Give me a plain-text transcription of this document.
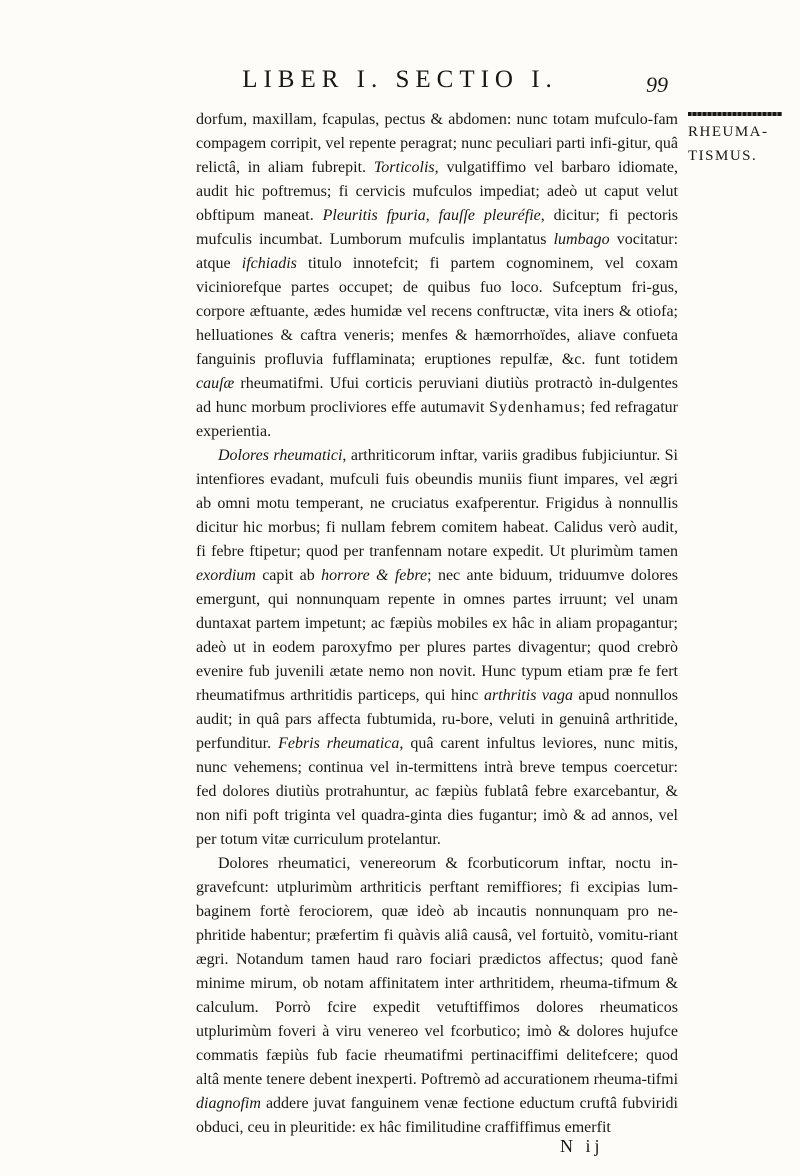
LIBER I. SECTIO I.	99
RHEUMA-
TISMUS.

dorfum, maxillam, fcapulas, pectus & abdomen: nunc totam mufculo-fam compagem corripit, vel repente peragrat; nunc peculiari parti infi-gitur, quâ relictâ, in aliam fubrepit. Torticolis, vulgatiffimo vel barbaro idiomate, audit hic poftremus; fi cervicis mufculos impediat; adeò ut caput velut obftipum maneat. Pleuritis fpuria, fauſſe pleuréfie, dicitur; fi pectoris mufculis incumbat. Lumborum mufculis implantatus lumbago vocitatur: atque ifchiadis titulo innotefcit; fi partem cognominem, vel coxam viciniorefque partes occupet; de quibus fuo loco. Sufceptum fri-gus, corpore æftuante, ædes humidæ vel recens conftructæ, vita iners & otiofa; helluationes & caftra veneris; menfes & hæmorrhoïdes, aliave confueta fanguinis profluvia fufflaminata; eruptiones repulfæ, &c. funt totidem cauſæ rheumatifmi. Ufui corticis peruviani diutiùs protractò in-dulgentes ad hunc morbum procliviores effe autumavit Sydenhamus; fed refragatur experientia.

Dolores rheumatici, arthriticorum inftar, variis gradibus fubjiciuntur. Si intenfiores evadant, mufculi fuis obeundis muniis fiunt impares, vel ægri ab omni motu temperant, ne cruciatus exafperentur. Frigidus à nonnullis dicitur hic morbus; fi nullam febrem comitem habeat. Calidus verò audit, fi febre ftipetur; quod per tranfennam notare expedit. Ut plurimùm tamen exordium capit ab horrore & febre; nec ante biduum, triduumve dolores emergunt, qui nonnunquam repente in omnes partes irruunt; vel unam duntaxat partem impetunt; ac fæpiùs mobiles ex hâc in aliam propagantur; adeò ut in eodem paroxyfmo per plures partes divagentur; quod crebrò evenire fub juvenili ætate nemo non novit. Hunc typum etiam præ fe fert rheumatifmus arthritidis particeps, qui hinc arthritis vaga apud nonnullos audit; in quâ pars affecta fubtumida, ru-bore, veluti in genuinâ arthritide, perfunditur. Febris rheumatica, quâ carent infultus leviores, nunc mitis, nunc vehemens; continua vel in-termittens intrà breve tempus coercetur: fed dolores diutiùs protrahuntur, ac fæpiùs fublatâ febre exarcebantur, & non nifi poft triginta vel quadra-ginta dies fugantur; imò & ad annos, vel per totum vitæ curriculum protelantur.

Dolores rheumatici, venereorum & fcorbuticorum inftar, noctu in-gravefcunt: utplurimùm arthriticis perftant remiffiores; fi excipias lum-baginem fortè ferociorem, quæ ideò ab incautis nonnunquam pro ne-phritide habentur; præfertim fi quàvis aliâ causâ, vel fortuitò, vomitu-riant ægri. Notandum tamen haud raro fociari prædictos affectus; quod fanè minime mirum, ob notam affinitatem inter arthritidem, rheuma-tifmum & calculum. Porrò fcire expedit vetuftiffimos dolores rheumaticos utplurimùm foveri à viru venereo vel fcorbutico; imò & dolores hujufce commatis fæpiùs fub facie rheumatifmi pertinaciffimi delitefcere; quod altâ mente tenere debent inexperti. Poftremò ad accurationem rheuma-tifmi diagnofim addere juvat fanguinem venæ fectione eductum cruftâ fubviridi obduci, ceu in pleuritide: ex hâc fimilitudine craffiffimus emerfit

N ij
